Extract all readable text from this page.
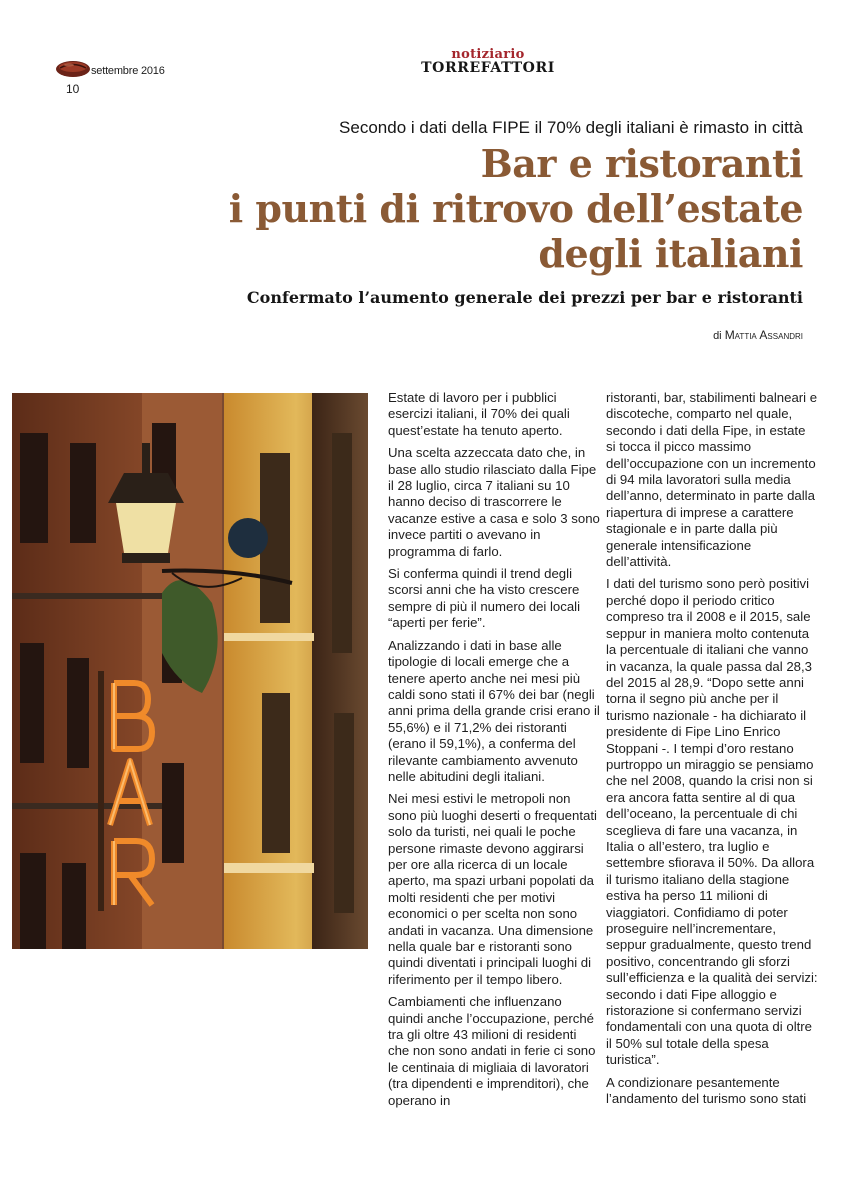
settembre 2016
10
notiziario
TORREFATTORI
Secondo i dati della FIPE il 70% degli italiani è rimasto in città
Bar e ristoranti
i punti di ritrovo dell’estate
degli italiani
Confermato l’aumento generale dei prezzi per bar e ristoranti
di Mattia Assandri

Estate di lavoro per i pubblici esercizi italiani, il 70% dei quali quest’estate ha tenuto aperto.

Una scelta azzeccata dato che, in base allo studio rilasciato dalla Fipe il 28 luglio, circa 7 italiani su 10 hanno deciso di trascorrere le vacanze estive a casa e solo 3 sono invece partiti o avevano in programma di farlo.

Si conferma quindi il trend degli scorsi anni che ha visto crescere sempre di più il numero dei locali “aperti per ferie”.

Analizzando i dati in base alle tipologie di locali emerge che a tenere aperto anche nei mesi più caldi sono stati il 67% dei bar (negli anni prima della grande crisi erano il 55,6%) e il 71,2% dei ristoranti (erano il 59,1%), a conferma del rilevante cambiamento avvenuto nelle abitudini degli italiani.

Nei mesi estivi le metropoli non sono più luoghi deserti o frequentati solo da turisti, nei quali le poche persone rimaste devono aggirarsi per ore alla ricerca di un locale aperto, ma spazi urbani popolati da molti residenti che per motivi economici o per scelta non sono andati in vacanza. Una dimensione nella quale bar e ristoranti sono quindi diventati i principali luoghi di riferimento per il tempo libero.

Cambiamenti che influenzano quindi anche l’occupazione, perché tra gli oltre 43 milioni di residenti che non sono andati in ferie ci sono le centinaia di migliaia di lavoratori (tra dipendenti e imprenditori), che operano in

ristoranti, bar, stabilimenti balneari e discoteche, comparto nel quale, secondo i dati della Fipe, in estate si tocca il picco massimo dell’occupazione con un incremento di 94 mila lavoratori sulla media dell’anno, determinato in parte dalla riapertura di imprese a carattere stagionale e in parte dalla più generale intensificazione dell’attività.

I dati del turismo sono però positivi perché dopo il periodo critico compreso tra il 2008 e il 2015, sale seppur in maniera molto contenuta la percentuale di italiani che vanno in vacanza, la quale passa dal 28,3 del 2015 al 28,9. “Dopo sette anni torna il segno più anche per il turismo nazionale - ha dichiarato il presidente di Fipe Lino Enrico Stoppani -. I tempi d’oro restano purtroppo un miraggio se pensiamo che nel 2008, quando la crisi non si era ancora fatta sentire al di qua dell’oceano, la percentuale di chi sceglieva di fare una vacanza, in Italia o all’estero, tra luglio e settembre sfiorava il 50%. Da allora il turismo italiano della stagione estiva ha perso 11 milioni di viaggiatori. Confidiamo di poter proseguire nell’incrementare, seppur gradualmente, questo trend positivo, concentrando gli sforzi sull’efficienza e la qualità dei servizi: secondo i dati Fipe alloggio e ristorazione si confermano servizi fondamentali con una quota di oltre il 50% sul totale della spesa turistica”.

A condizionare pesantemente l’andamento del turismo sono stati
